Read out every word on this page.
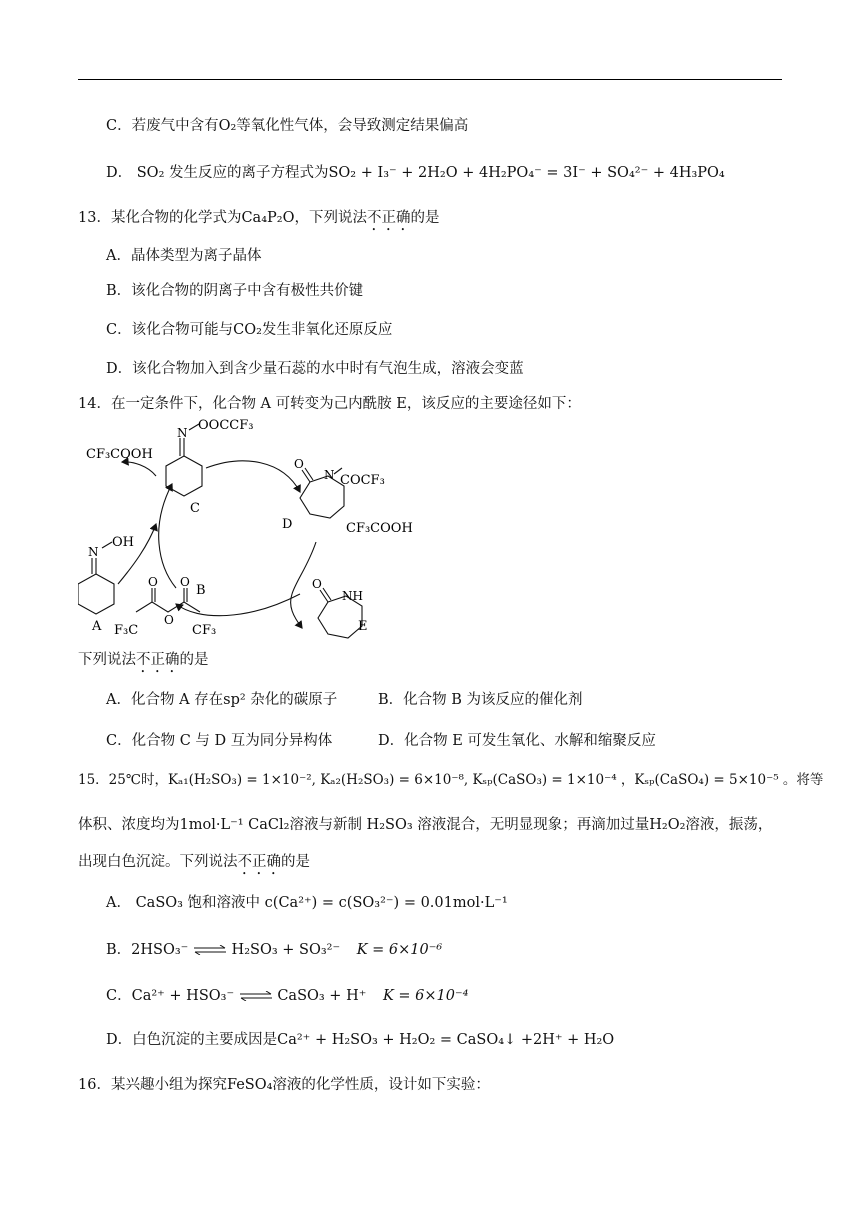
C．若废气中含有O₂等氧化性气体，会导致测定结果偏高
D． SO₂ 发生反应的离子方程式为SO₂ + I₃⁻ + 2H₂O + 4H₂PO₄⁻ = 3I⁻ + SO₄²⁻ + 4H₃PO₄
13．某化合物的化学式为Ca₄P₂O，下列说法不正确的是
A．晶体类型为离子晶体
B．该化合物的阴离子中含有极性共价键
C．该化合物可能与CO₂发生非氧化还原反应
D．该化合物加入到含少量石蕊的水中时有气泡生成，溶液会变蓝
14．在一定条件下，化合物 A 可转变为己内酰胺 E，该反应的主要途径如下：
CF₃COOH
CF₃COOH
N OOCCF₃
C
O
N COCF₃
D
N
OH
A
O O
O
F₃C	CF₃
B	O
NH
E
下列说法不正确的是
A．化合物 A 存在sp² 杂化的碳原子	B．化合物 B 为该反应的催化剂
C．化合物 C 与 D 互为同分异构体	D．化合物 E 可发生氧化、水解和缩聚反应
15．25℃时，Kₐ₁(H₂SO₃) = 1×10⁻², Kₐ₂(H₂SO₃) = 6×10⁻⁸, Kₛₚ(CaSO₃) = 1×10⁻⁴ ，Kₛₚ(CaSO₄) = 5×10⁻⁵ 。将等
体积、浓度均为1mol·L⁻¹ CaCl₂溶液与新制 H₂SO₃ 溶液混合，无明显现象；再滴加过量H₂O₂溶液，振荡，
出现白色沉淀。下列说法不正确的是
A． CaSO₃ 饱和溶液中 c(Ca²⁺) = c(SO₃²⁻) = 0.01mol·L⁻¹
B．2HSO₃⁻ ⇌ H₂SO₃ + SO₃²⁻ K = 6×10⁻⁶
C．Ca²⁺ + HSO₃⁻ ⇌ CaSO₃ + H⁺ K = 6×10⁻⁴
D．白色沉淀的主要成因是Ca²⁺ + H₂SO₃ + H₂O₂ = CaSO₄↓ +2H⁺ + H₂O
16．某兴趣小组为探究FeSO₄溶液的化学性质，设计如下实验：
